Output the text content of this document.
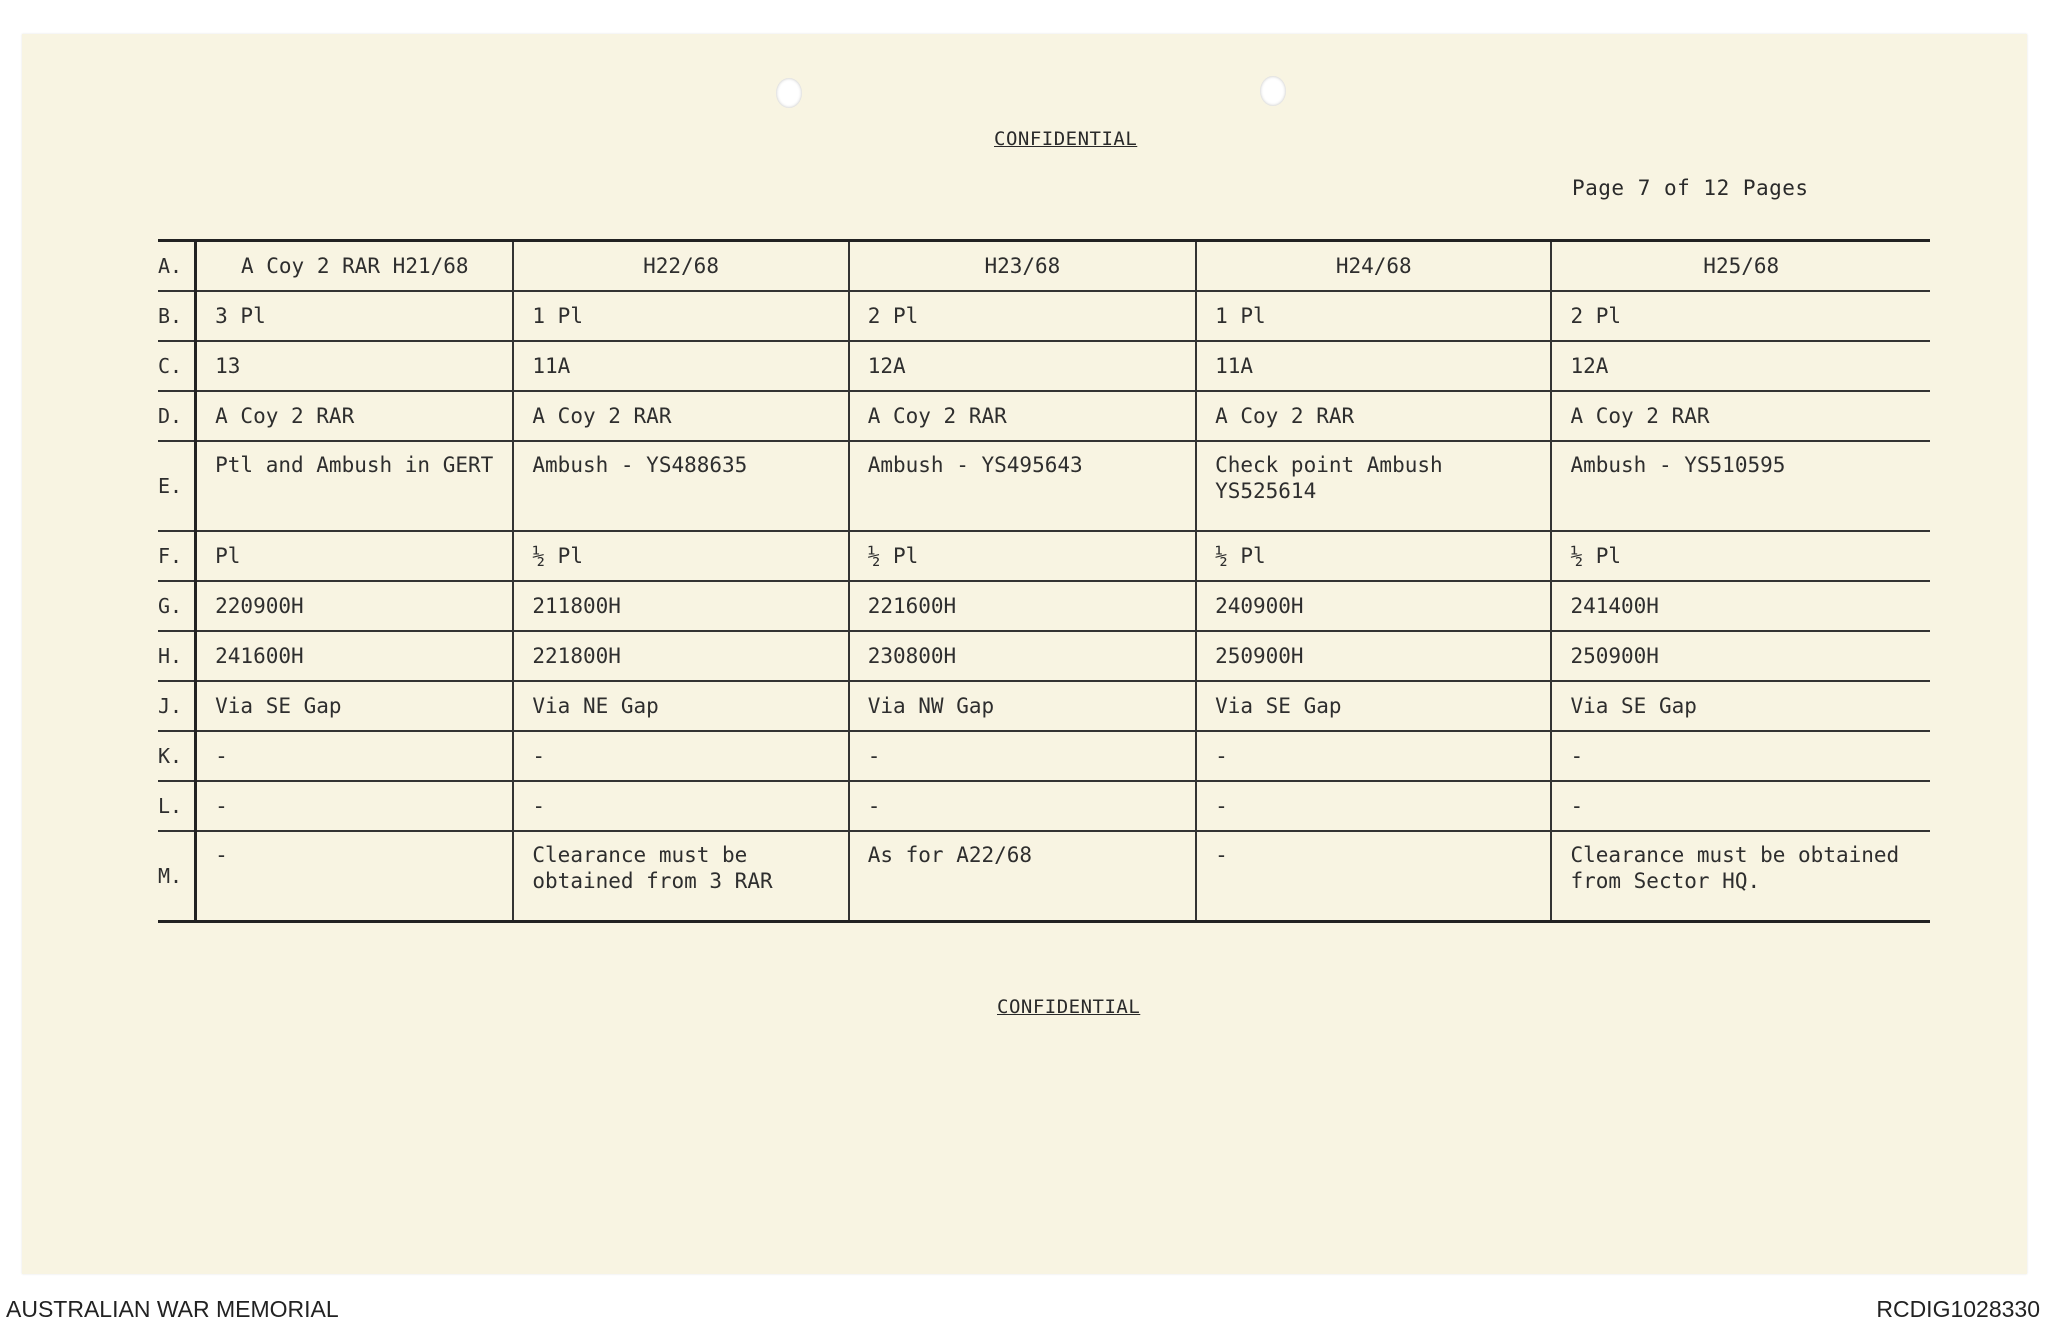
CONFIDENTIAL
Page 7 of 12 Pages
A.	A Coy 2 RAR H21/68	H22/68	H23/68	H24/68	H25/68
B.	3 Pl	1 Pl	2 Pl	1 Pl	2 Pl
C.	13	11A	12A	11A	12A
D.	A Coy 2 RAR	A Coy 2 RAR	A Coy 2 RAR	A Coy 2 RAR	A Coy 2 RAR
E.	Ptl and Ambush in GERT	Ambush - YS488635	Ambush - YS495643	Check point Ambush YS525614	Ambush - YS510595
F.	Pl	½ Pl	½ Pl	½ Pl	½ Pl
G.	220900H	211800H	221600H	240900H	241400H
H.	241600H	221800H	230800H	250900H	250900H
J.	Via SE Gap	Via NE Gap	Via NW Gap	Via SE Gap	Via SE Gap
K.	-	-	-	-	-
L.	-	-	-	-	-
M.	-	Clearance must be obtained from 3 RAR	As for A22/68	-	Clearance must be obtained from Sector HQ.
CONFIDENTIAL
AUSTRALIAN WAR MEMORIAL	RCDIG1028330
